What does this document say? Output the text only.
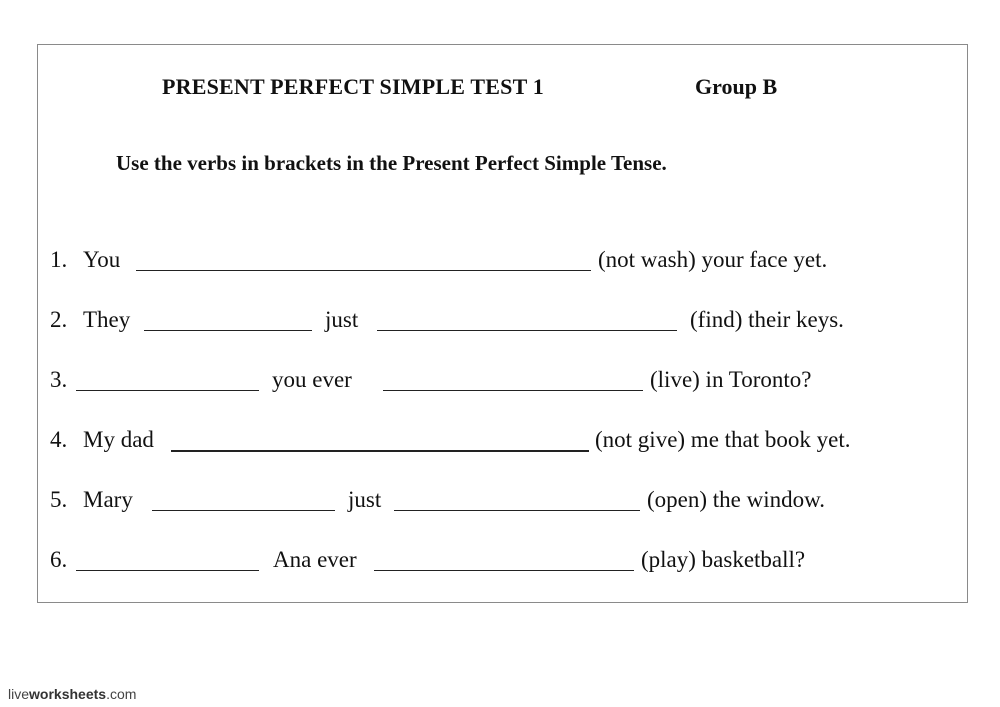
PRESENT PERFECT SIMPLE TEST 1	Group B
Use the verbs in brackets in the Present Perfect Simple Tense.
1. You	(not wash) your face yet.
2. They	just	(find) their keys.
3.	you ever	(live) in Toronto?
4. My dad	(not give) me that book yet.
5. Mary	just	(open) the window.
6.	Ana ever	(play) basketball?
liveworksheets.com
